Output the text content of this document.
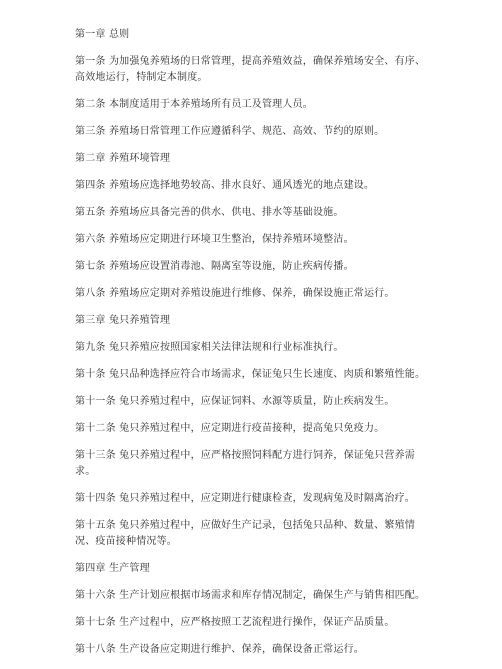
第一章 总则
第一条 为加强兔养殖场的日常管理，提高养殖效益，确保养殖场安全、有序、高效地运行，特制定本制度。
第二条 本制度适用于本养殖场所有员工及管理人员。
第三条 养殖场日常管理工作应遵循科学、规范、高效、节约的原则。
第二章 养殖环境管理
第四条 养殖场应选择地势较高、排水良好、通风透光的地点建设。
第五条 养殖场应具备完善的供水、供电、排水等基础设施。
第六条 养殖场应定期进行环境卫生整治，保持养殖环境整洁。
第七条 养殖场应设置消毒池、隔离室等设施，防止疾病传播。
第八条 养殖场应定期对养殖设施进行维修、保养，确保设施正常运行。
第三章 兔只养殖管理
第九条 兔只养殖应按照国家相关法律法规和行业标准执行。
第十条 兔只品种选择应符合市场需求，保证兔只生长速度、肉质和繁殖性能。
第十一条 兔只养殖过程中，应保证饲料、水源等质量，防止疾病发生。
第十二条 兔只养殖过程中，应定期进行疫苗接种，提高兔只免疫力。
第十三条 兔只养殖过程中，应严格按照饲料配方进行饲养，保证兔只营养需求。
第十四条 兔只养殖过程中，应定期进行健康检查，发现病兔及时隔离治疗。
第十五条 兔只养殖过程中，应做好生产记录，包括兔只品种、数量、繁殖情况、疫苗接种情况等。
第四章 生产管理
第十六条 生产计划应根据市场需求和库存情况制定，确保生产与销售相匹配。
第十七条 生产过程中，应严格按照工艺流程进行操作，保证产品质量。
第十八条 生产设备应定期进行维护、保养，确保设备正常运行。
